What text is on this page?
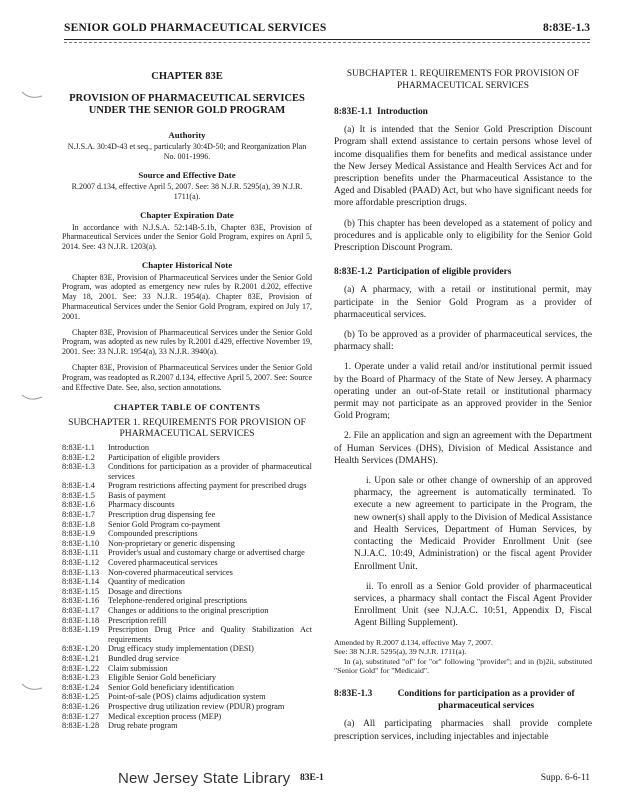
SENIOR GOLD PHARMACEUTICAL SERVICES	8:83E-1.3
CHAPTER 83E
PROVISION OF PHARMACEUTICAL SERVICES UNDER THE SENIOR GOLD PROGRAM
Authority
N.J.S.A. 30:4D-43 et seq., particularly 30:4D-50; and Reorganization Plan No. 001-1996.
Source and Effective Date
R.2007 d.134, effective April 5, 2007. See: 38 N.J.R. 5295(a), 39 N.J.R. 1711(a).
Chapter Expiration Date

In accordance with N.J.S.A. 52:14B-5.1b, Chapter 83E, Provision of Pharmaceutical Services under the Senior Gold Program, expires on April 5, 2014. See: 43 N.J.R. 1203(a).

Chapter Historical Note

Chapter 83E, Provision of Pharmaceutical Services under the Senior Gold Program, was adopted as emergency new rules by R.2001 d.202, effective May 18, 2001. See: 33 N.J.R. 1954(a). Chapter 83E, Provision of Pharmaceutical Services under the Senior Gold Program, expired on July 17, 2001.

Chapter 83E, Provision of Pharmaceutical Services under the Senior Gold Program, was adopted as new rules by R.2001 d.429, effective November 19, 2001. See: 33 N.J.R. 1954(a), 33 N.J.R. 3940(a).

Chapter 83E, Provision of Pharmaceutical Services under the Senior Gold Program, was readopted as R.2007 d.134, effective April 5, 2007. See: Source and Effective Date. See, also, section annotations.

CHAPTER TABLE OF CONTENTS
SUBCHAPTER 1. REQUIREMENTS FOR PROVISION OF PHARMACEUTICAL SERVICES
8:83E-1.1	Introduction
8:83E-1.2	Participation of eligible providers
8:83E-1.3	Conditions for participation as a provider of pharmaceutical services
8:83E-1.4	Program restrictions affecting payment for prescribed drugs
8:83E-1.5	Basis of payment
8:83E-1.6	Pharmacy discounts
8:83E-1.7	Prescription drug dispensing fee
8:83E-1.8	Senior Gold Program co-payment
8:83E-1.9	Compounded prescriptions
8:83E-1.10	Non-proprietary or generic dispensing
8:83E-1.11	Provider's usual and customary charge or advertised charge
8:83E-1.12	Covered pharmaceutical services
8:83E-1.13	Non-covered pharmaceutical services
8:83E-1.14	Quantity of medication
8:83E-1.15	Dosage and directions
8:83E-1.16	Telephone-rendered original prescriptions
8:83E-1.17	Changes or additions to the original prescription
8:83E-1.18	Prescription refill
8:83E-1.19	Prescription Drug Price and Quality Stabilization Act requirements
8:83E-1.20	Drug efficacy study implementation (DESI)
8:83E-1.21	Bundled drug service
8:83E-1.22	Claim submission
8:83E-1.23	Eligible Senior Gold beneficiary
8:83E-1.24	Senior Gold beneficiary identification
8:83E-1.25	Point-of-sale (POS) claims adjudication system
8:83E-1.26	Prospective drug utilization review (PDUR) program
8:83E-1.27	Medical exception process (MEP)
8:83E-1.28	Drug rebate program
SUBCHAPTER 1. REQUIREMENTS FOR PROVISION OF PHARMACEUTICAL SERVICES
8:83E-1.1 Introduction

(a) It is intended that the Senior Gold Prescription Discount Program shall extend assistance to certain persons whose level of income disqualifies them for benefits and medical assistance under the New Jersey Medical Assistance and Health Services Act and for prescription benefits under the Pharmaceutical Assistance to the Aged and Disabled (PAAD) Act, but who have significant needs for more affordable prescription drugs.

(b) This chapter has been developed as a statement of policy and procedures and is applicable only to eligibility for the Senior Gold Prescription Discount Program.

8:83E-1.2 Participation of eligible providers

(a) A pharmacy, with a retail or institutional permit, may participate in the Senior Gold Program as a provider of pharmaceutical services.

(b) To be approved as a provider of pharmaceutical services, the pharmacy shall:

1. Operate under a valid retail and/or institutional permit issued by the Board of Pharmacy of the State of New Jersey. A pharmacy operating under an out-of-State retail or institutional pharmacy permit may not participate as an approved provider in the Senior Gold Program;

2. File an application and sign an agreement with the Department of Human Services (DHS), Division of Medical Assistance and Health Services (DMAHS).

i. Upon sale or other change of ownership of an approved pharmacy, the agreement is automatically terminated. To execute a new agreement to participate in the Program, the new owner(s) shall apply to the Division of Medical Assistance and Health Services, Department of Human Services, by contacting the Medicaid Provider Enrollment Unit (see N.J.A.C. 10:49, Administration) or the fiscal agent Provider Enrollment Unit.

ii. To enroll as a Senior Gold provider of pharmaceutical services, a pharmacy shall contact the Fiscal Agent Provider Enrollment Unit (see N.J.A.C. 10:51, Appendix D, Fiscal Agent Billing Supplement).

Amended by R.2007 d.134, effective May 7, 2007.

See: 38 N.J.R. 5295(a), 39 N.J.R. 1711(a).

In (a), substituted "of" for "or" following "provider"; and in (b)2ii, substituted "Senior Gold" for "Medicaid".

8:83E-1.3	Conditions for participation as a provider of pharmaceutical services

(a) All participating pharmacies shall provide complete prescription services, including injectables and injectable

New Jersey State Library 83E-1	Supp. 6-6-11
